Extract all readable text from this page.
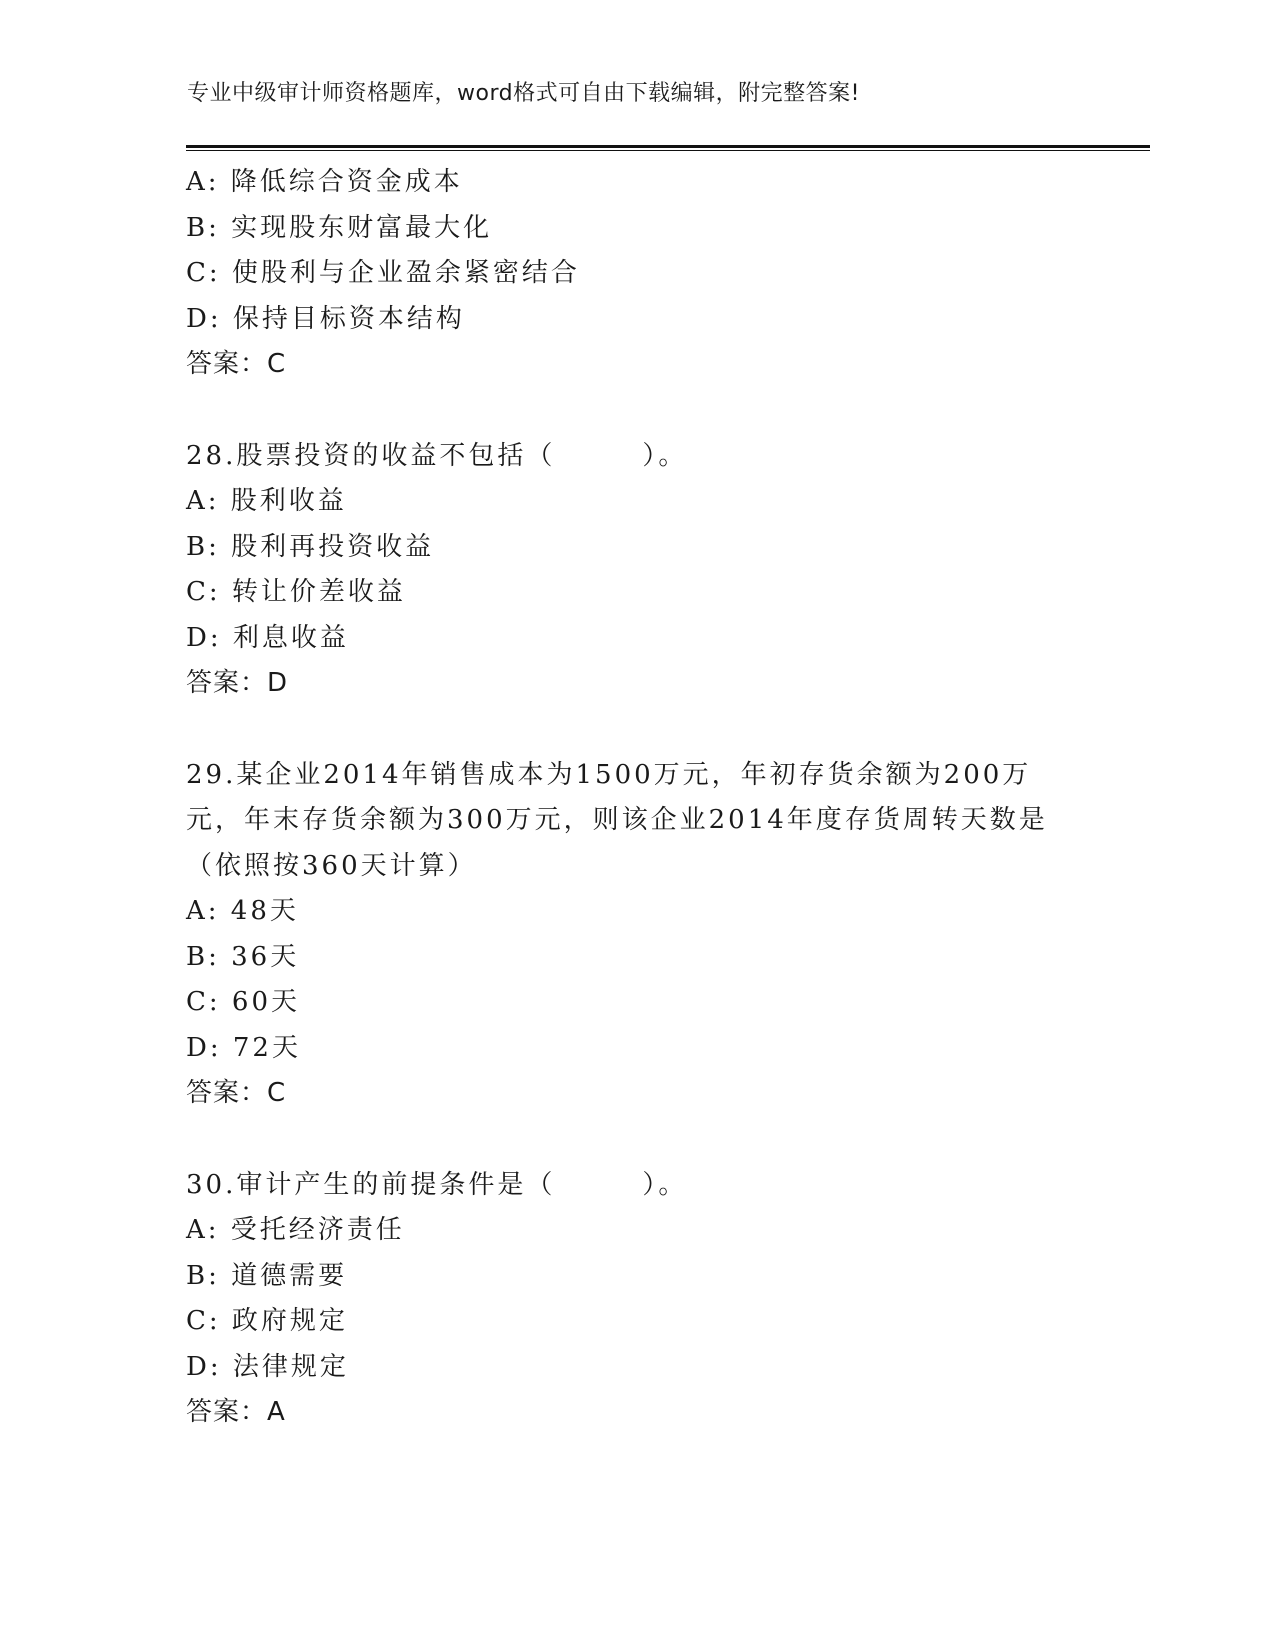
专业中级审计师资格题库，word格式可自由下载编辑，附完整答案!
A: 降低综合资金成本
B: 实现股东财富最大化
C: 使股利与企业盈余紧密结合
D: 保持目标资本结构
答案：C
28.股票投资的收益不包括（　　　）。
A: 股利收益
B: 股利再投资收益
C: 转让价差收益
D: 利息收益
答案：D
29.某企业2014年销售成本为1500万元，年初存货余额为200万元，年末存货余额为300万元，则该企业2014年度存货周转天数是（依照按360天计算）
A: 48天
B: 36天
C: 60天
D: 72天
答案：C
30.审计产生的前提条件是（　　　）。
A: 受托经济责任
B: 道德需要
C: 政府规定
D: 法律规定
答案：A
